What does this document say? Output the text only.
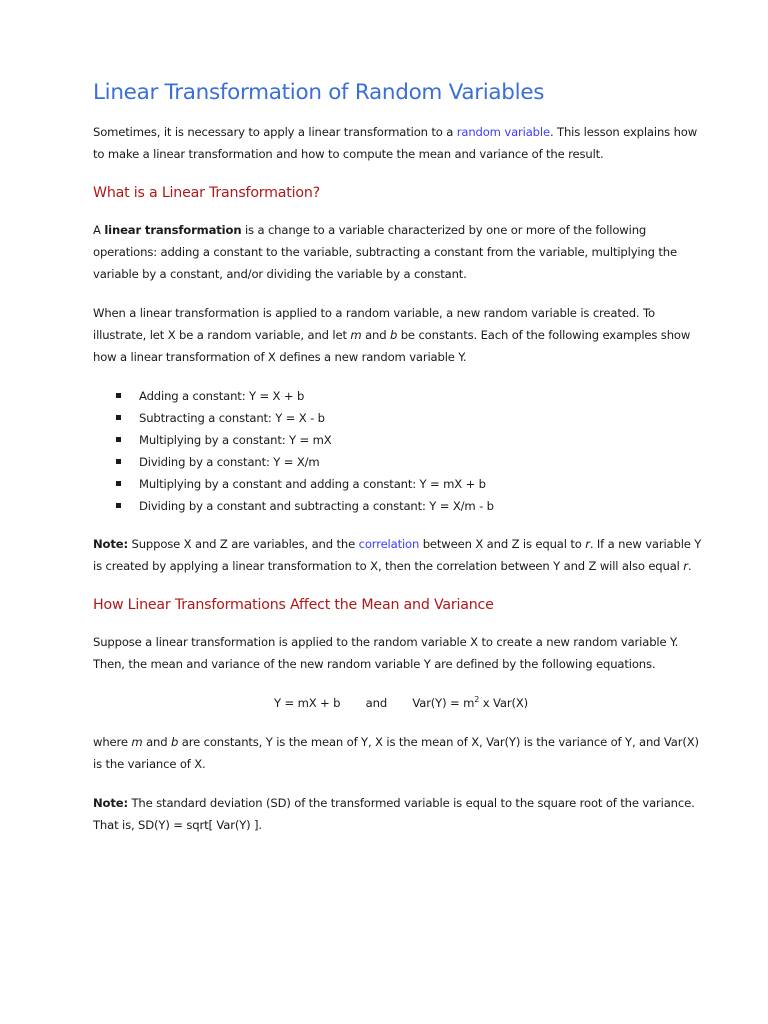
Linear Transformation of Random Variables

Sometimes, it is necessary to apply a linear transformation to a random variable. This lesson explains how to make a linear transformation and how to compute the mean and variance of the result.

What is a Linear Transformation?

A linear transformation is a change to a variable characterized by one or more of the following operations: adding a constant to the variable, subtracting a constant from the variable, multiplying the variable by a constant, and/or dividing the variable by a constant.

When a linear transformation is applied to a random variable, a new random variable is created. To illustrate, let X be a random variable, and let m and b be constants. Each of the following examples show how a linear transformation of X defines a new random variable Y.

Adding a constant: Y = X + b
Subtracting a constant: Y = X - b
Multiplying by a constant: Y = mX
Dividing by a constant: Y = X/m
Multiplying by a constant and adding a constant: Y = mX + b
Dividing by a constant and subtracting a constant: Y = X/m - b

Note: Suppose X and Z are variables, and the correlation between X and Z is equal to r. If a new variable Y is created by applying a linear transformation to X, then the correlation between Y and Z will also equal r.

How Linear Transformations Affect the Mean and Variance

Suppose a linear transformation is applied to the random variable X to create a new random variable Y. Then, the mean and variance of the new random variable Y are defined by the following equations.

Y = mX + b and $Var(Y) = m^2$ x Var(X)

where m and b are constants, Y is the mean of Y, X is the mean of X, Var(Y) is the variance of Y, and Var(X) is the variance of X.

Note: The standard deviation (SD) of the transformed variable is equal to the square root of the variance. That is, SD(Y) = sqrt[ Var(Y) ].
